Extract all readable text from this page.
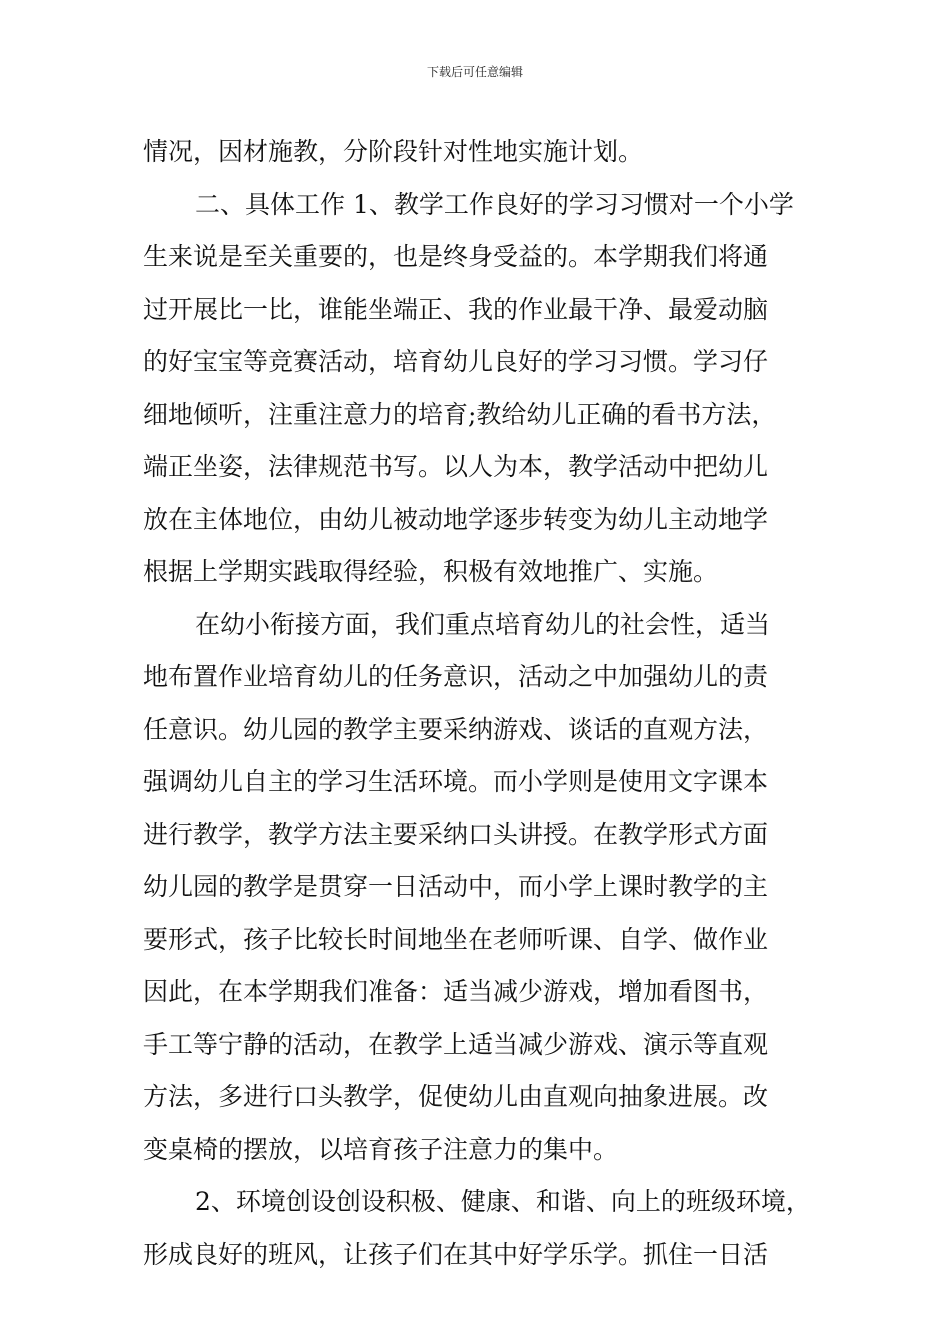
下载后可任意编辑
情况，因材施教，分阶段针对性地实施计划。
二、具体工作 1、教学工作良好的学习习惯对一个小学
生来说是至关重要的，也是终身受益的。本学期我们将通
过开展比一比，谁能坐端正、我的作业最干净、最爱动脑
的好宝宝等竞赛活动，培育幼儿良好的学习习惯。学习仔
细地倾听，注重注意力的培育;教给幼儿正确的看书方法，
端正坐姿，法律规范书写。以人为本，教学活动中把幼儿
放在主体地位，由幼儿被动地学逐步转变为幼儿主动地学
根据上学期实践取得经验，积极有效地推广、实施。
在幼小衔接方面，我们重点培育幼儿的社会性，适当
地布置作业培育幼儿的任务意识，活动之中加强幼儿的责
任意识。幼儿园的教学主要采纳游戏、谈话的直观方法，
强调幼儿自主的学习生活环境。而小学则是使用文字课本
进行教学，教学方法主要采纳口头讲授。在教学形式方面
幼儿园的教学是贯穿一日活动中，而小学上课时教学的主
要形式，孩子比较长时间地坐在老师听课、自学、做作业
因此，在本学期我们准备：适当减少游戏，增加看图书，
手工等宁静的活动，在教学上适当减少游戏、演示等直观
方法，多进行口头教学，促使幼儿由直观向抽象进展。改
变桌椅的摆放，以培育孩子注意力的集中。
2、环境创设创设积极、健康、和谐、向上的班级环境，
形成良好的班风，让孩子们在其中好学乐学。抓住一日活
